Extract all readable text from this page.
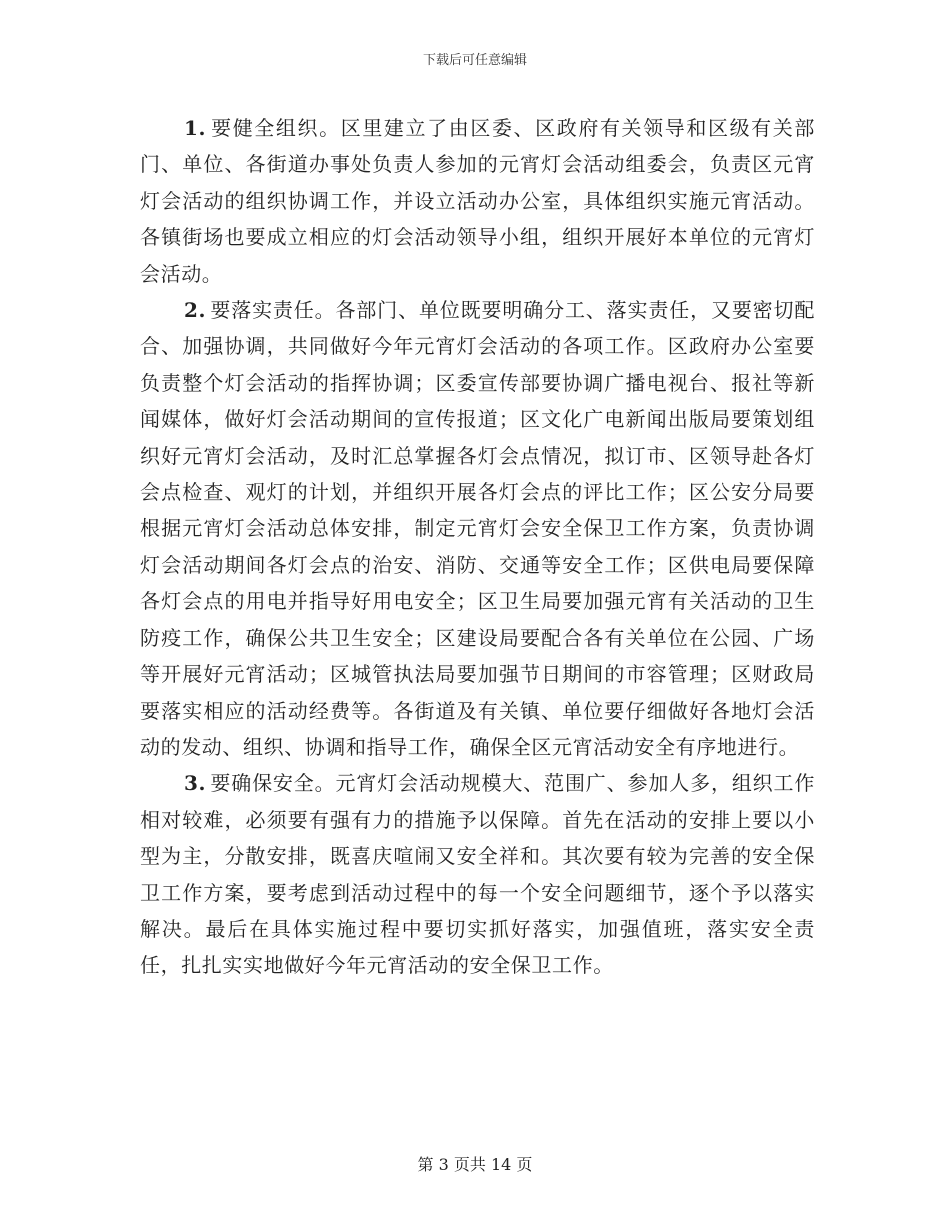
下载后可任意编辑

1. 要健全组织。区里建立了由区委、区政府有关领导和区级有关部门、单位、各街道办事处负责人参加的元宵灯会活动组委会，负责区元宵灯会活动的组织协调工作，并设立活动办公室，具体组织实施元宵活动。各镇街场也要成立相应的灯会活动领导小组，组织开展好本单位的元宵灯会活动。

2. 要落实责任。各部门、单位既要明确分工、落实责任，又要密切配合、加强协调，共同做好今年元宵灯会活动的各项工作。区政府办公室要负责整个灯会活动的指挥协调；区委宣传部要协调广播电视台、报社等新闻媒体，做好灯会活动期间的宣传报道；区文化广电新闻出版局要策划组织好元宵灯会活动，及时汇总掌握各灯会点情况，拟订市、区领导赴各灯会点检查、观灯的计划，并组织开展各灯会点的评比工作；区公安分局要根据元宵灯会活动总体安排，制定元宵灯会安全保卫工作方案，负责协调灯会活动期间各灯会点的治安、消防、交通等安全工作；区供电局要保障各灯会点的用电并指导好用电安全；区卫生局要加强元宵有关活动的卫生防疫工作，确保公共卫生安全；区建设局要配合各有关单位在公园、广场等开展好元宵活动；区城管执法局要加强节日期间的市容管理；区财政局要落实相应的活动经费等。各街道及有关镇、单位要仔细做好各地灯会活动的发动、组织、协调和指导工作，确保全区元宵活动安全有序地进行。

3. 要确保安全。元宵灯会活动规模大、范围广、参加人多，组织工作相对较难，必须要有强有力的措施予以保障。首先在活动的安排上要以小型为主，分散安排，既喜庆喧闹又安全祥和。其次要有较为完善的安全保卫工作方案，要考虑到活动过程中的每一个安全问题细节，逐个予以落实解决。最后在具体实施过程中要切实抓好落实，加强值班，落实安全责任，扎扎实实地做好今年元宵活动的安全保卫工作。

第 3 页共 14 页
